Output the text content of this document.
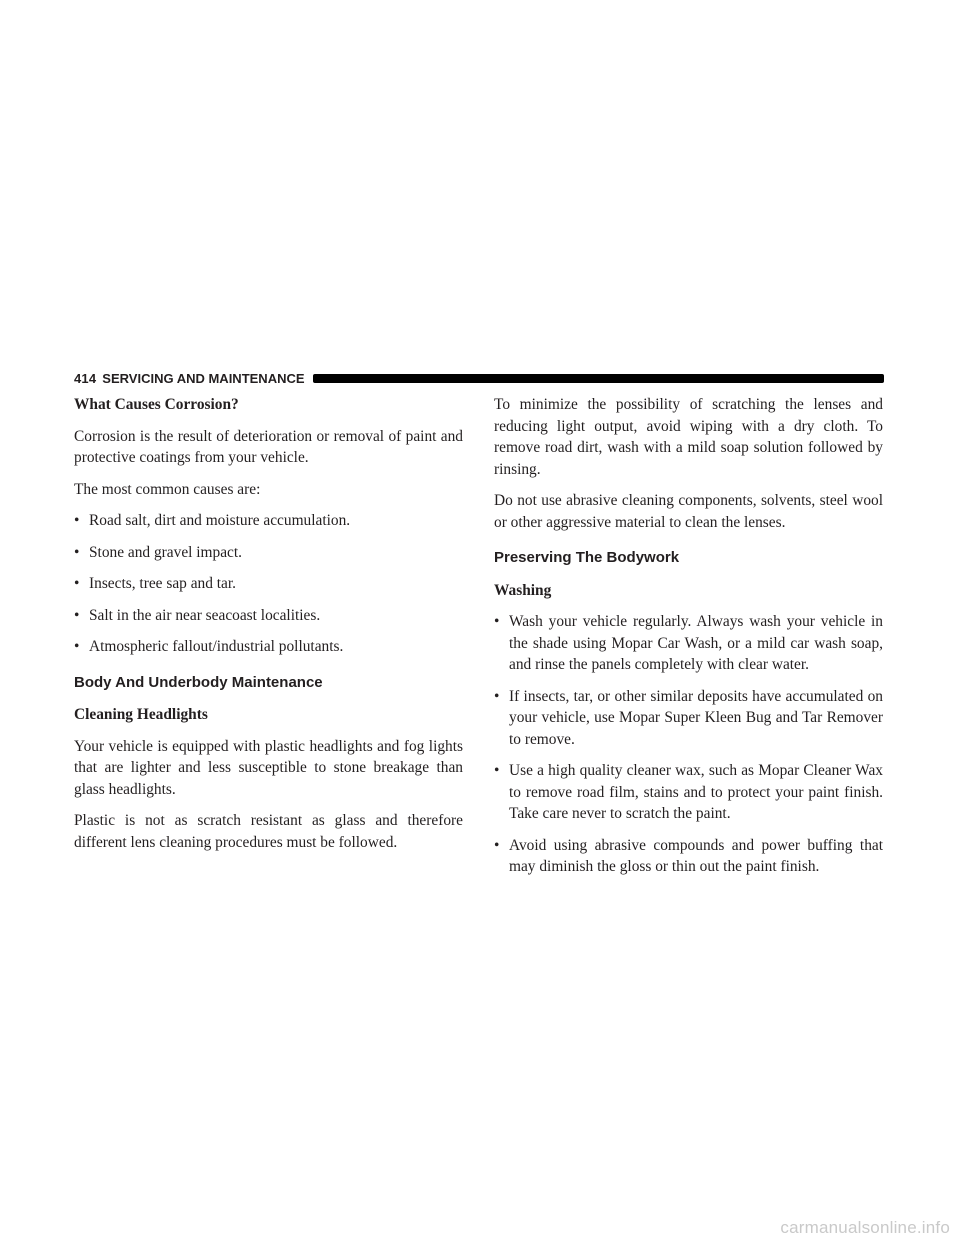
414 SERVICING AND MAINTENANCE
What Causes Corrosion?

Corrosion is the result of deterioration or removal of paint and protective coatings from your vehicle.

The most common causes are:

• Road salt, dirt and moisture accumulation.
• Stone and gravel impact.
• Insects, tree sap and tar.
• Salt in the air near seacoast localities.
• Atmospheric fallout/industrial pollutants.
Body And Underbody Maintenance
Cleaning Headlights

Your vehicle is equipped with plastic headlights and fog lights that are lighter and less susceptible to stone breakage than glass headlights.

Plastic is not as scratch resistant as glass and therefore different lens cleaning procedures must be followed.

To minimize the possibility of scratching the lenses and reducing light output, avoid wiping with a dry cloth. To remove road dirt, wash with a mild soap solution followed by rinsing.

Do not use abrasive cleaning components, solvents, steel wool or other aggressive material to clean the lenses.

Preserving The Bodywork
Washing
• Wash your vehicle regularly. Always wash your vehicle in the shade using Mopar Car Wash, or a mild car wash soap, and rinse the panels completely with clear water.
• If insects, tar, or other similar deposits have accumulated on your vehicle, use Mopar Super Kleen Bug and Tar Remover to remove.
• Use a high quality cleaner wax, such as Mopar Cleaner Wax to remove road film, stains and to protect your paint finish. Take care never to scratch the paint.
• Avoid using abrasive compounds and power buffing that may diminish the gloss or thin out the paint finish.
carmanualsonline.info
